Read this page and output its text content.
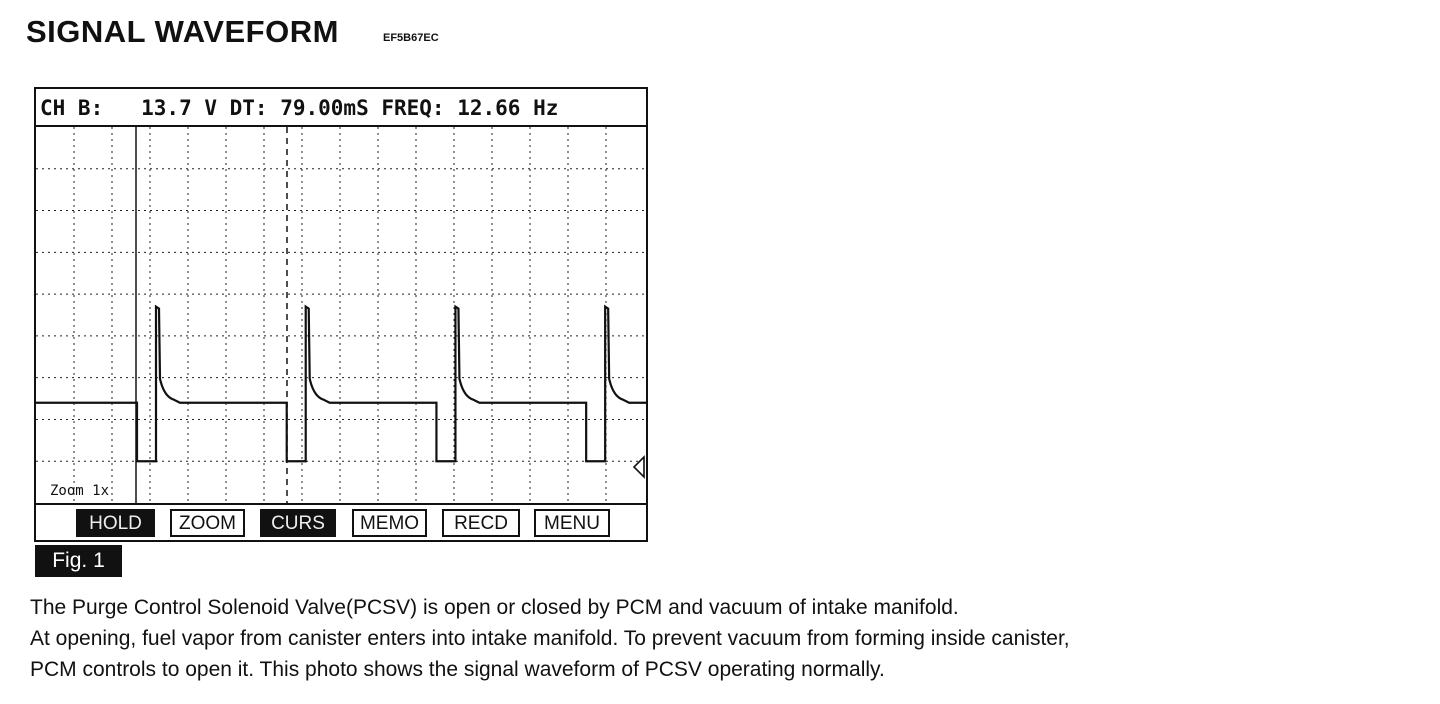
SIGNAL WAVEFORM	EF5B67EC
CH B:   13.7 V DT: 79.00mS FREQ: 12.66 Hz
Zoom 1x
HOLD	ZOOM	CURS	MEMO	RECD	MENU
Fig. 1
The Purge Control Solenoid Valve(PCSV) is open or closed by PCM and vacuum of intake manifold.
At opening, fuel vapor from canister enters into intake manifold. To prevent vacuum from forming inside canister,
PCM controls to open it. This photo shows the signal waveform of PCSV operating normally.
